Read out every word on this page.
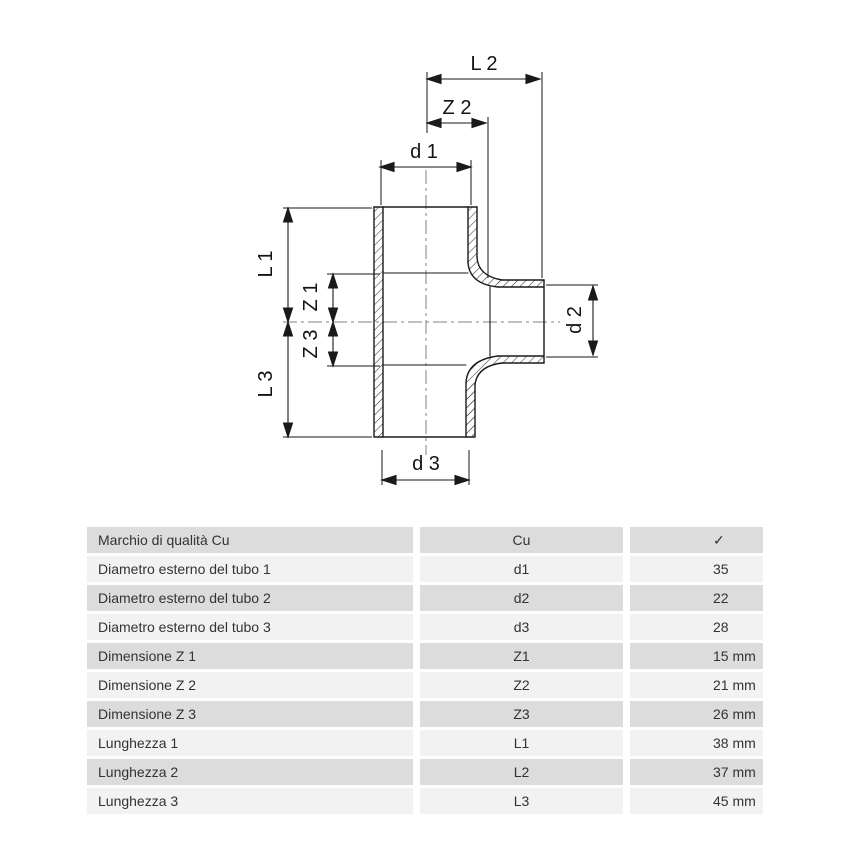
L 2
Z 2
d 1
L 1
Z 1
Z 3
L 3
d 2
d 3
Marchio di qualità Cu	Cu	✓
Diametro esterno del tubo 1	d1	35
Diametro esterno del tubo 2	d2	22
Diametro esterno del tubo 3	d3	28
Dimensione Z 1	Z1	15 mm
Dimensione Z 2	Z2	21 mm
Dimensione Z 3	Z3	26 mm
Lunghezza 1	L1	38 mm
Lunghezza 2	L2	37 mm
Lunghezza 3	L3	45 mm
